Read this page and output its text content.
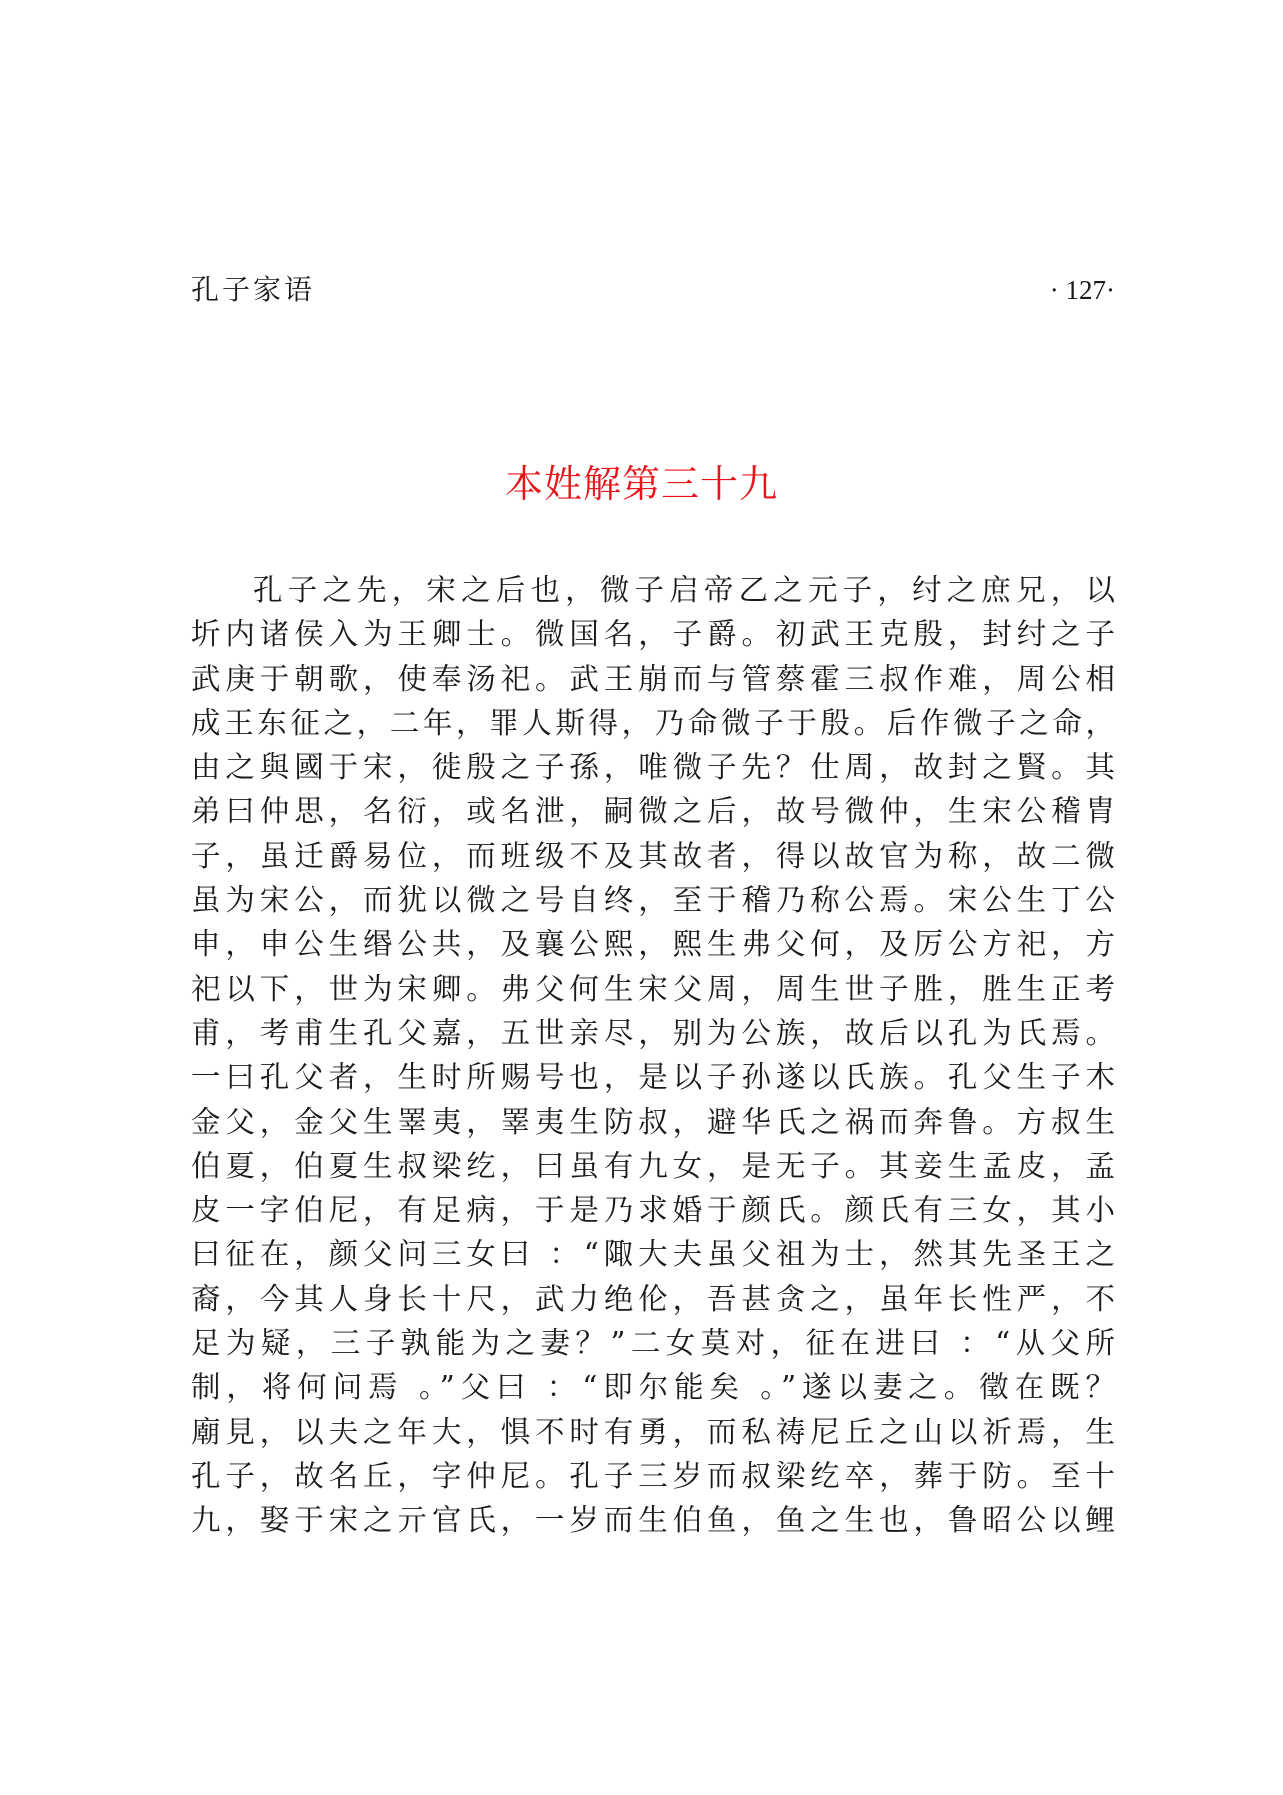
孔子家语	· 127·
本姓解第三十九
孔子之先，宋之后也，微子启帝乙之元子，纣之庶兄，以
圻内诸侯入为王卿士。微国名，子爵。初武王克殷，封纣之子
武庚于朝歌，使奉汤祀。武王崩而与管蔡霍三叔作难，周公相
成王东征之，二年，罪人斯得，乃命微子于殷。后作微子之命，
由之與國于宋，徙殷之子孫，唯微子先？仕周，故封之賢。其
弟曰仲思，名衍，或名泄，嗣微之后，故号微仲，生宋公稽胄
子，虽迁爵易位，而班级不及其故者，得以故官为称，故二微
虽为宋公，而犹以微之号自终，至于稽乃称公焉。宋公生丁公
申，申公生缗公共，及襄公熙，熙生弗父何，及厉公方祀，方
祀以下，世为宋卿。弗父何生宋父周，周生世子胜，胜生正考
甫，考甫生孔父嘉，五世亲尽，别为公族，故后以孔为氏焉。
一曰孔父者，生时所赐号也，是以子孙遂以氏族。孔父生子木
金父，金父生睪夷，睪夷生防叔，避华氏之祸而奔鲁。方叔生
伯夏，伯夏生叔梁纥，曰虽有九女，是无子。其妾生孟皮，孟
皮一字伯尼，有足病，于是乃求婚于颜氏。颜氏有三女，其小
曰征在，颜父问三女曰 ：“陬大夫虽父祖为士，然其先圣王之
裔，今其人身长十尺，武力绝伦，吾甚贪之，虽年长性严，不
足为疑，三子孰能为之妻？”二女莫对，征在进曰 ：“从父所
制，将何问焉 。”父曰 ：“即尔能矣 。”遂以妻之。徵在既？
廟見，以夫之年大，惧不时有勇，而私祷尼丘之山以祈焉，生
孔子，故名丘，字仲尼。孔子三岁而叔梁纥卒，葬于防。至十
九，娶于宋之亓官氏，一岁而生伯鱼，鱼之生也，鲁昭公以鲤
